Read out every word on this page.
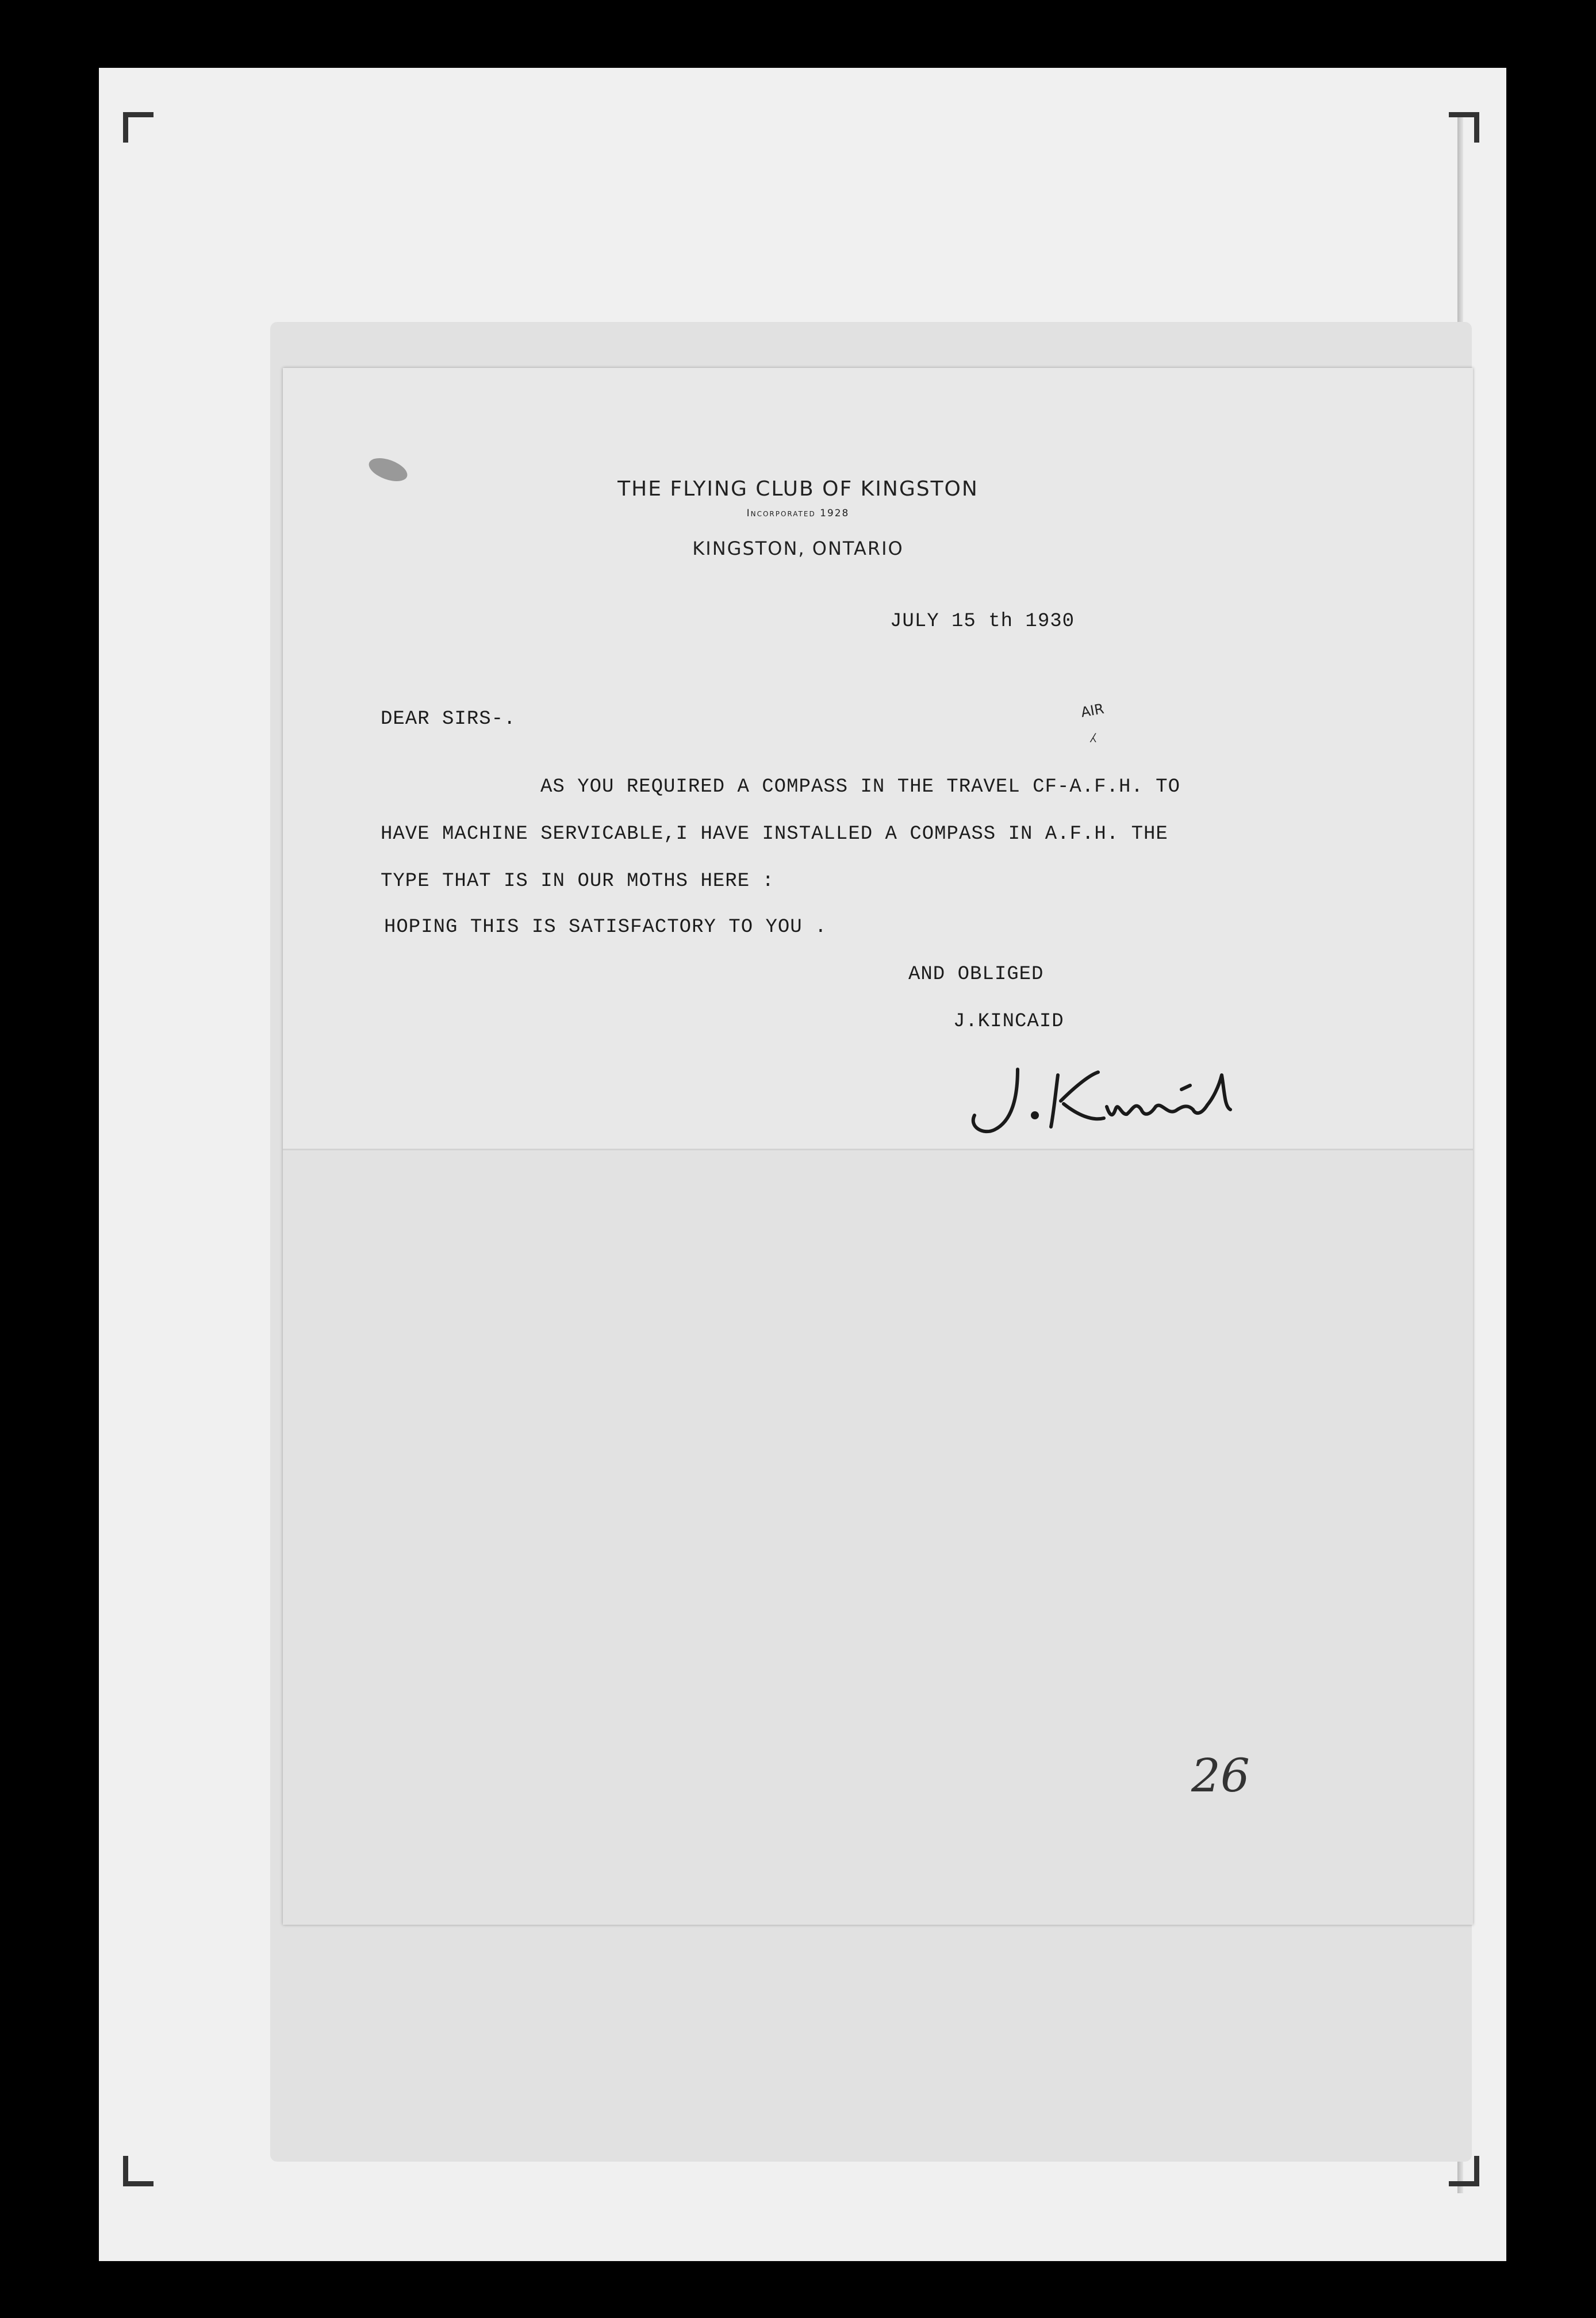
THE FLYING CLUB OF KINGSTON
Incorporated 1928
KINGSTON, ONTARIO
JULY 15 th 1930
DEAR SIRS-.
AS YOU REQUIRED A COMPASS IN THE TRAVEL CF-A.F.H. TO
AIR
⁁
HAVE MACHINE SERVICABLE,I HAVE INSTALLED A COMPASS IN A.F.H. THE
TYPE THAT IS IN OUR MOTHS HERE :
HOPING THIS IS SATISFACTORY TO YOU .
AND OBLIGED
J.KINCAID
26
